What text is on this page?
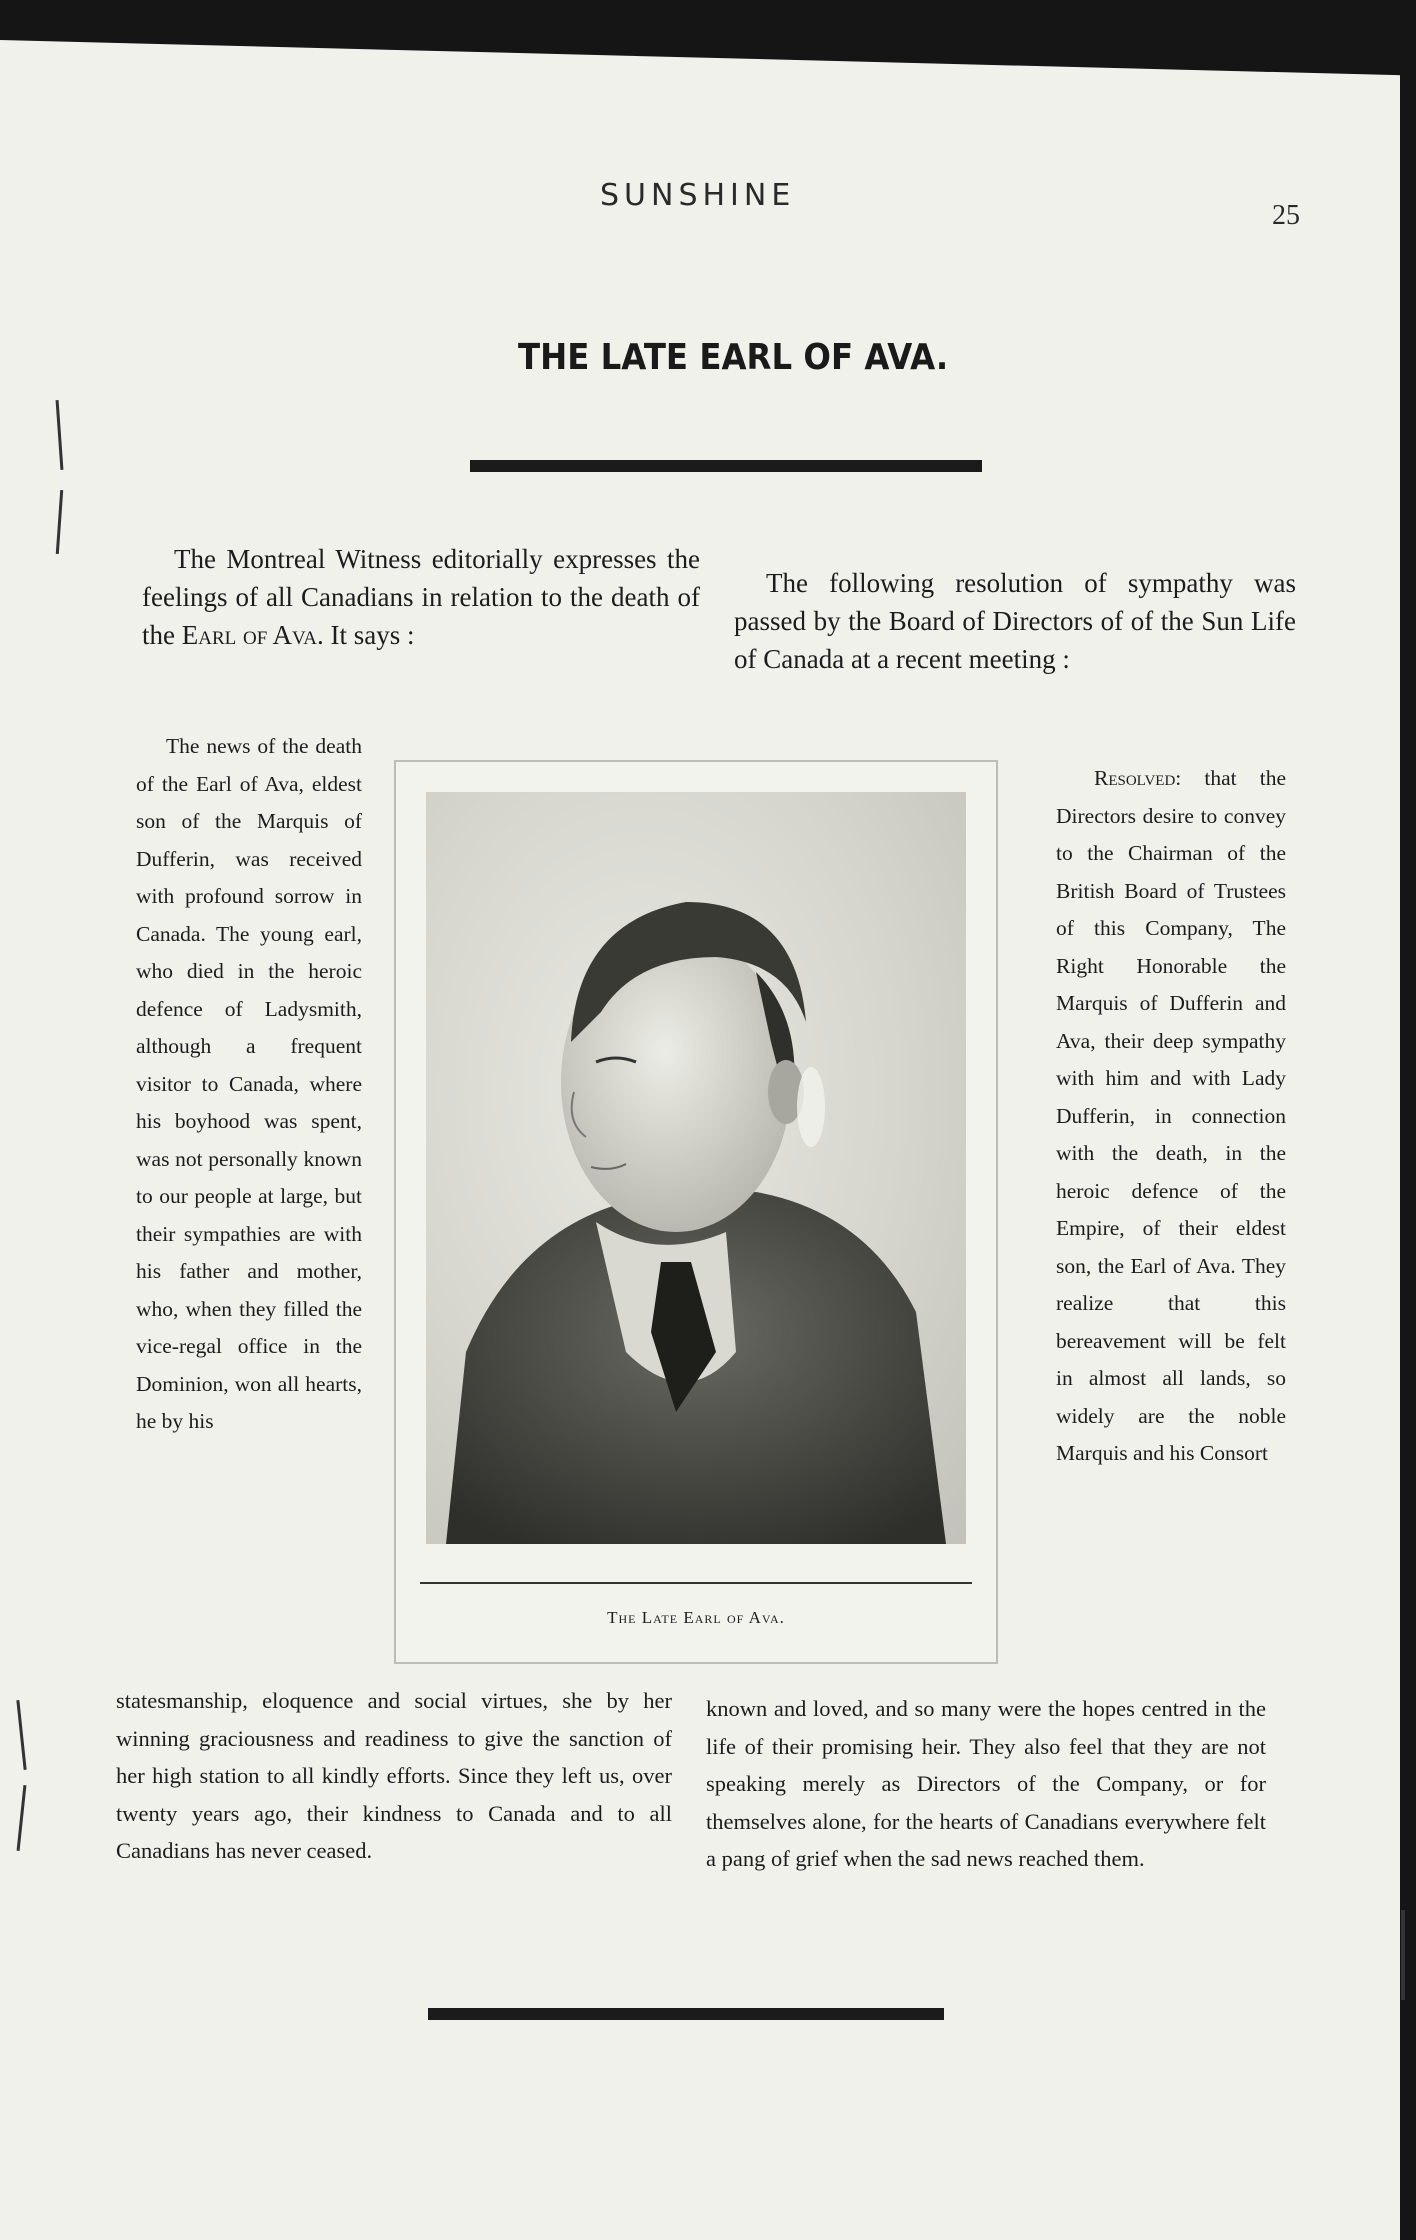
SUNSHINE
25
THE LATE EARL OF AVA.

The Montreal Witness editorially expresses the feelings of all Canadians in relation to the death of the Earl of Ava. It says :

The following resolution of sympathy was passed by the Board of Directors of of the Sun Life of Canada at a recent meeting :

The news of the death of the Earl of Ava, eldest son of the Marquis of Dufferin, was received with profound sorrow in Canada. The young earl, who died in the heroic defence of Ladysmith, although a frequent visitor to Canada, where his boyhood was spent, was not personally known to our people at large, but their sympathies are with his father and mother, who, when they filled the vice-regal office in the Dominion, won all hearts, he by his

The Late Earl of Ava.

Resolved: that the Directors desire to convey to the Chairman of the British Board of Trustees of this Company, The Right Honorable the Marquis of Dufferin and Ava, their deep sympathy with him and with Lady Dufferin, in connection with the death, in the heroic defence of the Empire, of their eldest son, the Earl of Ava. They realize that this bereavement will be felt in almost all lands, so widely are the noble Marquis and his Consort

statesmanship, eloquence and social virtues, she by her winning graciousness and readiness to give the sanction of her high station to all kindly efforts. Since they left us, over twenty years ago, their kindness to Canada and to all Canadians has never ceased.

known and loved, and so many were the hopes centred in the life of their promising heir. They also feel that they are not speaking merely as Directors of the Company, or for themselves alone, for the hearts of Canadians everywhere felt a pang of grief when the sad news reached them.
